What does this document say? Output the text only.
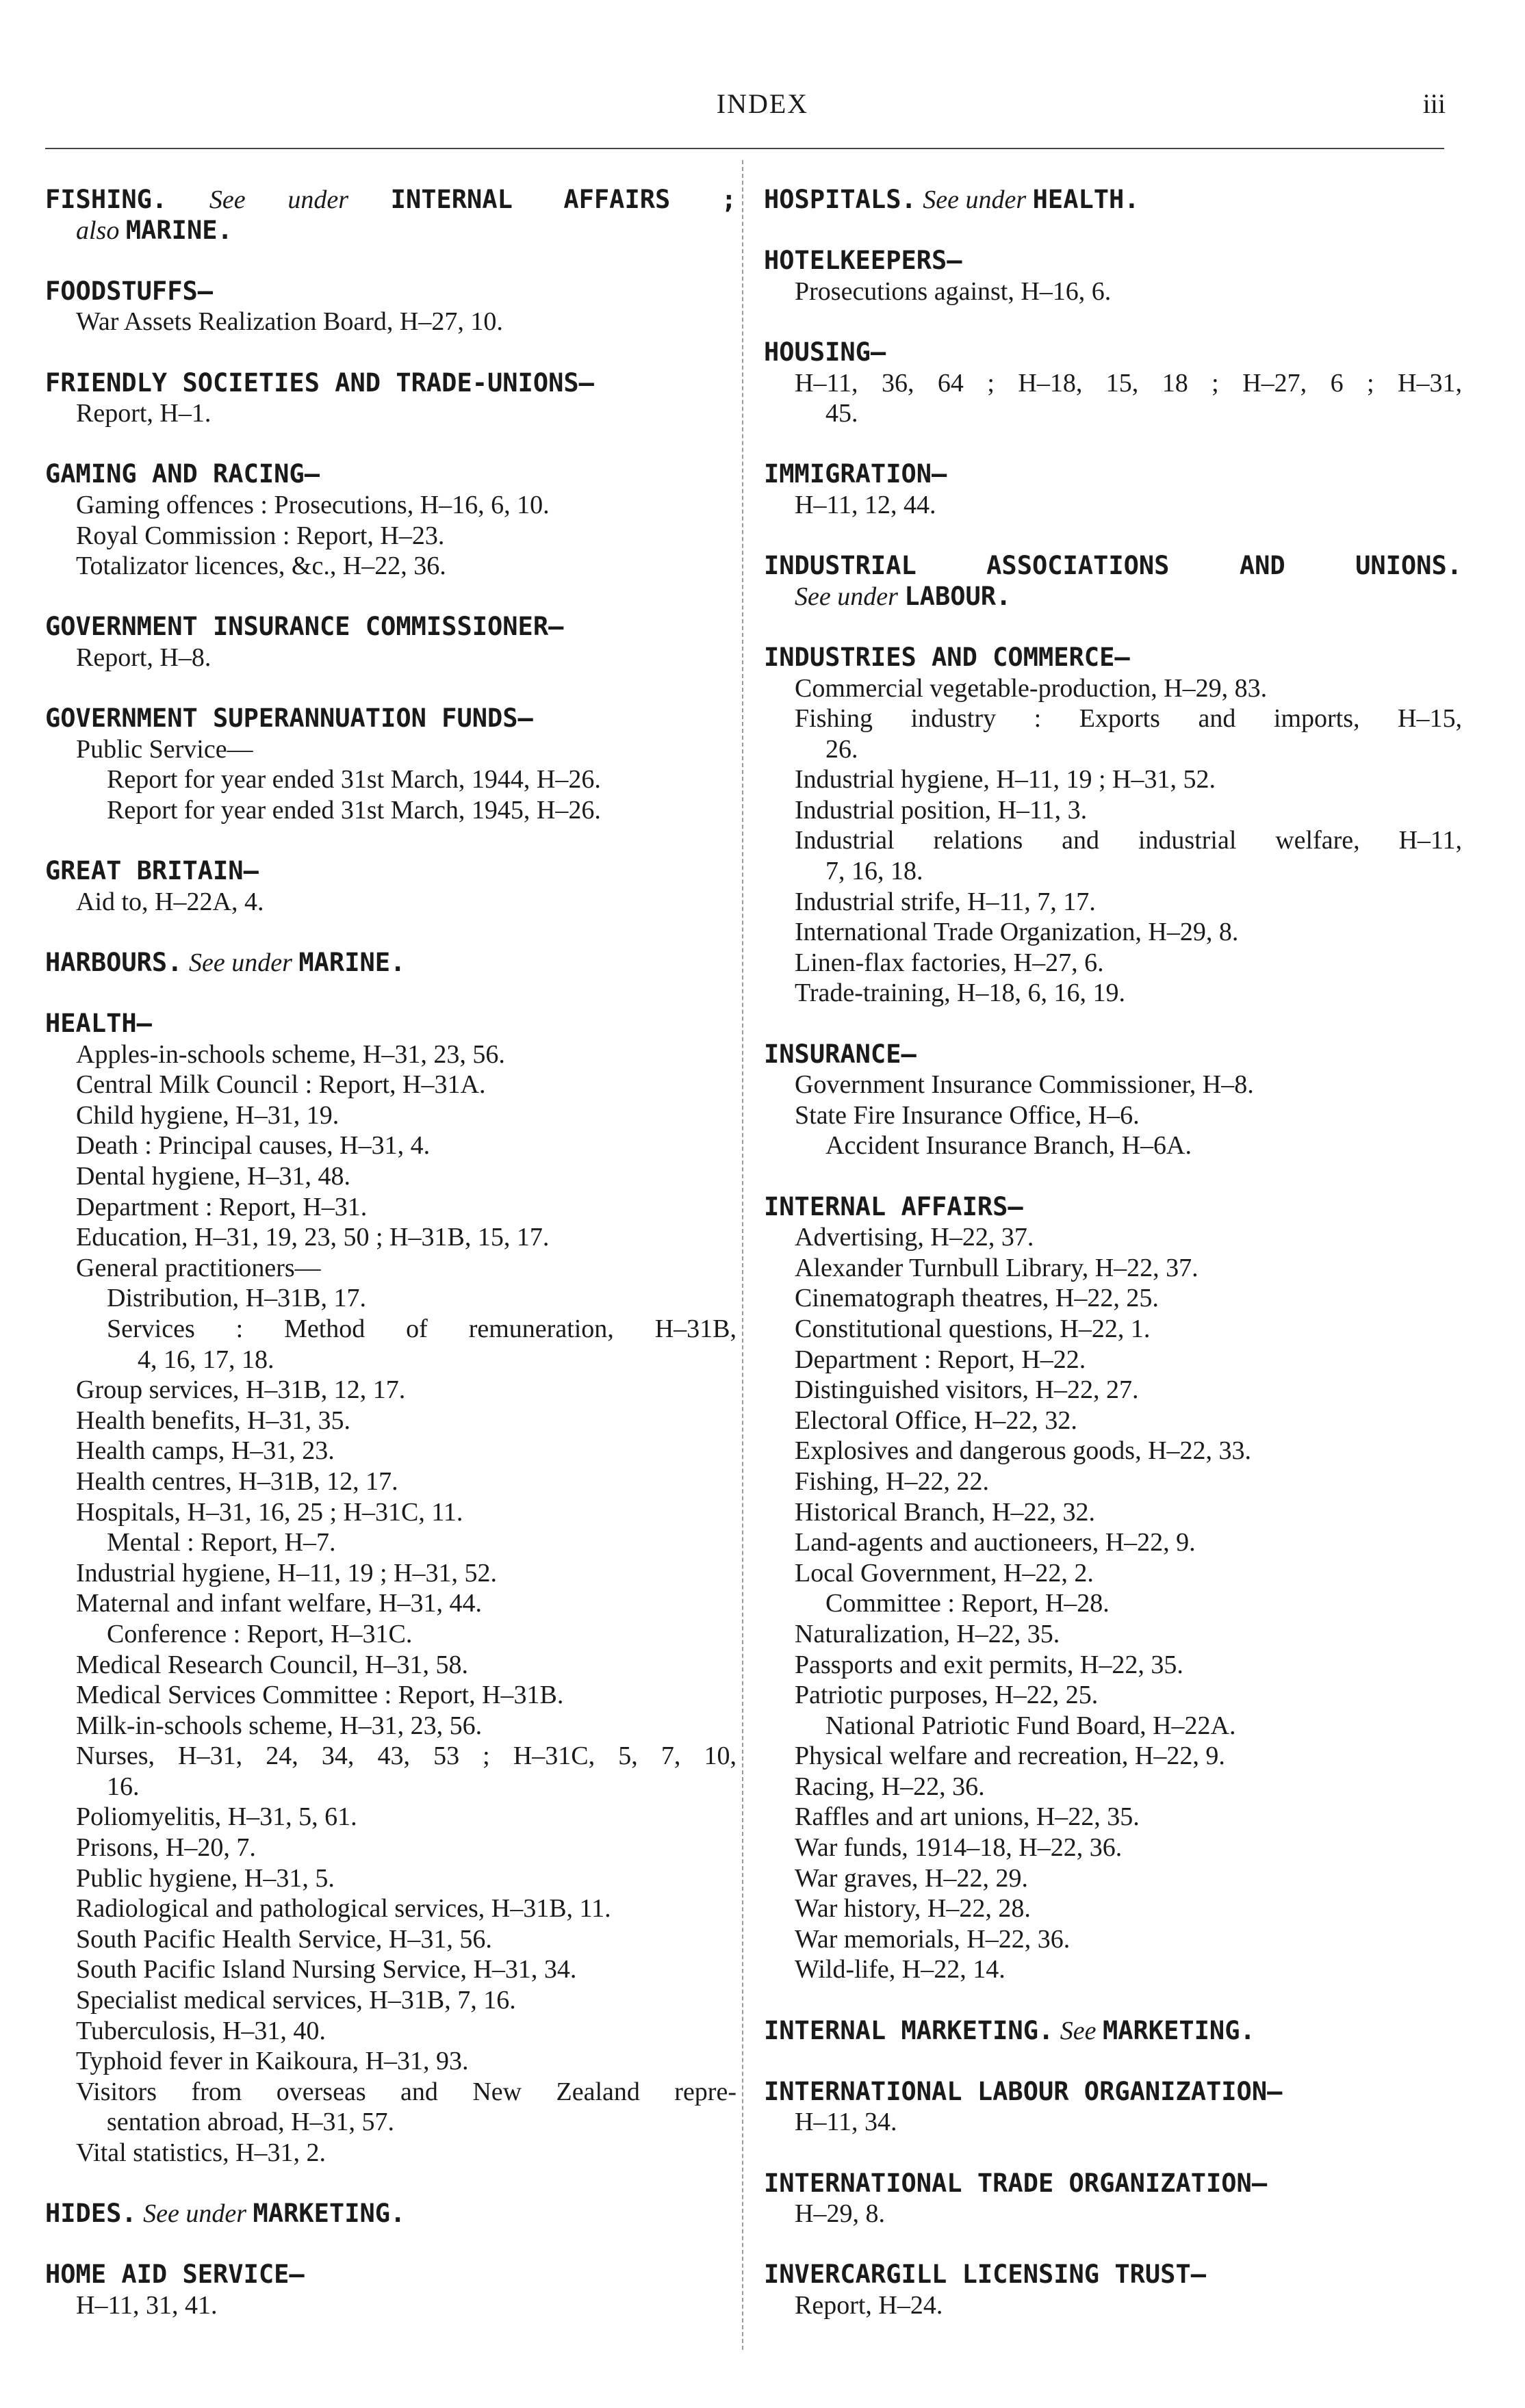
INDEX	iii
FISHING. See under INTERNAL AFFAIRS ;
also MARINE.
FOODSTUFFS—
War Assets Realization Board, H–27, 10.
FRIENDLY SOCIETIES AND TRADE-UNIONS—
Report, H–1.
GAMING AND RACING—
Gaming offences : Prosecutions, H–16, 6, 10.
Royal Commission : Report, H–23.
Totalizator licences, &c., H–22, 36.
GOVERNMENT INSURANCE COMMISSIONER—
Report, H–8.
GOVERNMENT SUPERANNUATION FUNDS—
Public Service—
Report for year ended 31st March, 1944, H–26.
Report for year ended 31st March, 1945, H–26.
GREAT BRITAIN—
Aid to, H–22A, 4.
HARBOURS. See under MARINE.
HEALTH—
Apples-in-schools scheme, H–31, 23, 56.
Central Milk Council : Report, H–31A.
Child hygiene, H–31, 19.
Death : Principal causes, H–31, 4.
Dental hygiene, H–31, 48.
Department : Report, H–31.
Education, H–31, 19, 23, 50 ; H–31B, 15, 17.
General practitioners—
Distribution, H–31B, 17.
Services : Method of remuneration, H–31B,
4, 16, 17, 18.
Group services, H–31B, 12, 17.
Health benefits, H–31, 35.
Health camps, H–31, 23.
Health centres, H–31B, 12, 17.
Hospitals, H–31, 16, 25 ; H–31C, 11.
Mental : Report, H–7.
Industrial hygiene, H–11, 19 ; H–31, 52.
Maternal and infant welfare, H–31, 44.
Conference : Report, H–31C.
Medical Research Council, H–31, 58.
Medical Services Committee : Report, H–31B.
Milk-in-schools scheme, H–31, 23, 56.
Nurses, H–31, 24, 34, 43, 53 ; H–31C, 5, 7, 10,
16.
Poliomyelitis, H–31, 5, 61.
Prisons, H–20, 7.
Public hygiene, H–31, 5.
Radiological and pathological services, H–31B, 11.
South Pacific Health Service, H–31, 56.
South Pacific Island Nursing Service, H–31, 34.
Specialist medical services, H–31B, 7, 16.
Tuberculosis, H–31, 40.
Typhoid fever in Kaikoura, H–31, 93.
Visitors from overseas and New Zealand repre-
sentation abroad, H–31, 57.
Vital statistics, H–31, 2.
HIDES. See under MARKETING.
HOME AID SERVICE—
H–11, 31, 41.
HOSPITALS. See under HEALTH.
HOTELKEEPERS—
Prosecutions against, H–16, 6.
HOUSING—
H–11, 36, 64 ; H–18, 15, 18 ; H–27, 6 ; H–31,
45.
IMMIGRATION—
H–11, 12, 44.
INDUSTRIAL ASSOCIATIONS AND UNIONS.
See under LABOUR.
INDUSTRIES AND COMMERCE—
Commercial vegetable-production, H–29, 83.
Fishing industry : Exports and imports, H–15,
26.
Industrial hygiene, H–11, 19 ; H–31, 52.
Industrial position, H–11, 3.
Industrial relations and industrial welfare, H–11,
7, 16, 18.
Industrial strife, H–11, 7, 17.
International Trade Organization, H–29, 8.
Linen-flax factories, H–27, 6.
Trade-training, H–18, 6, 16, 19.
INSURANCE—
Government Insurance Commissioner, H–8.
State Fire Insurance Office, H–6.
Accident Insurance Branch, H–6A.
INTERNAL AFFAIRS—
Advertising, H–22, 37.
Alexander Turnbull Library, H–22, 37.
Cinematograph theatres, H–22, 25.
Constitutional questions, H–22, 1.
Department : Report, H–22.
Distinguished visitors, H–22, 27.
Electoral Office, H–22, 32.
Explosives and dangerous goods, H–22, 33.
Fishing, H–22, 22.
Historical Branch, H–22, 32.
Land-agents and auctioneers, H–22, 9.
Local Government, H–22, 2.
Committee : Report, H–28.
Naturalization, H–22, 35.
Passports and exit permits, H–22, 35.
Patriotic purposes, H–22, 25.
National Patriotic Fund Board, H–22A.
Physical welfare and recreation, H–22, 9.
Racing, H–22, 36.
Raffles and art unions, H–22, 35.
War funds, 1914–18, H–22, 36.
War graves, H–22, 29.
War history, H–22, 28.
War memorials, H–22, 36.
Wild-life, H–22, 14.
INTERNAL MARKETING. See MARKETING.
INTERNATIONAL LABOUR ORGANIZATION—
H–11, 34.
INTERNATIONAL TRADE ORGANIZATION—
H–29, 8.
INVERCARGILL LICENSING TRUST—
Report, H–24.
